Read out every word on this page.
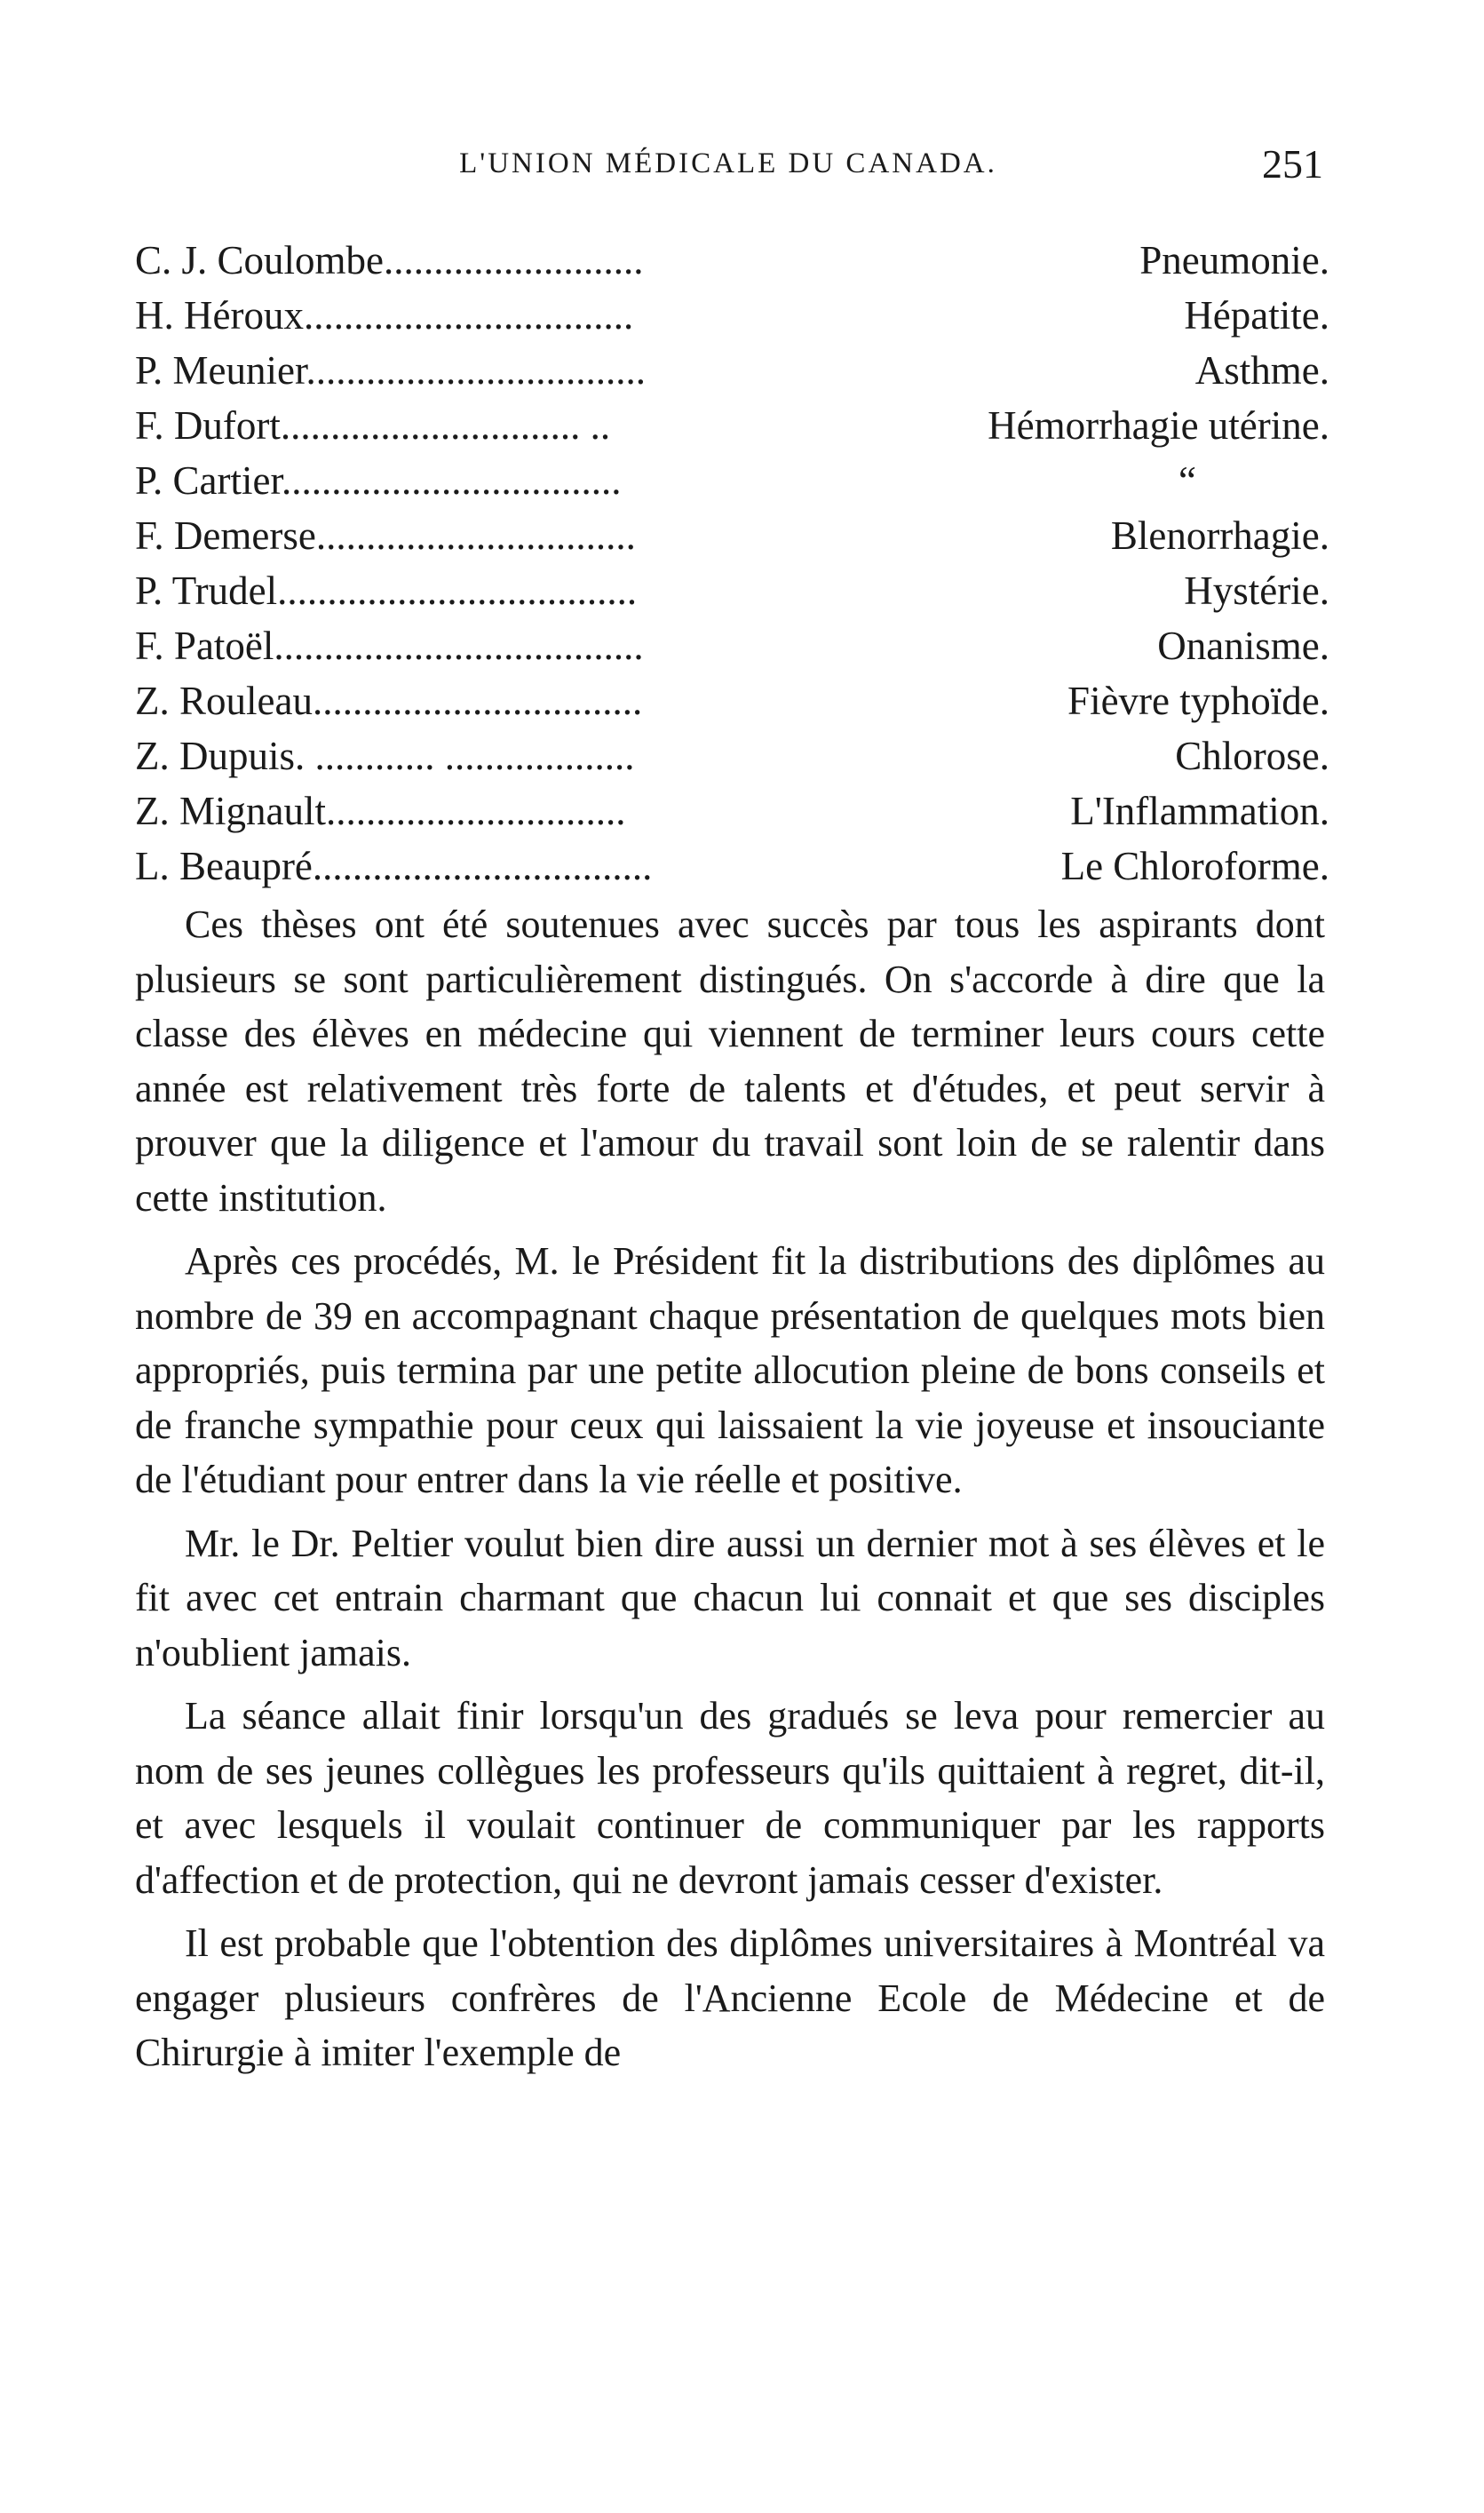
L'UNION MÉDICALE DU CANADA.	251
C. J. Coulombe..........................	Pneumonie.
H. Héroux.................................	Hépatite.
P. Meunier..................................	Asthme.
F. Dufort.............................. ..	Hémorrhagie utérine.
P. Cartier..................................	“
F. Demerse................................	Blenorrhagie.
P. Trudel....................................	Hystérie.
F. Patoël.....................................	Onanisme.
Z. Rouleau.................................	Fièvre typhoïde.
Z. Dupuis. ............ ...................	Chlorose.
Z. Mignault..............................	L'Inflammation.
L. Beaupré..................................	Le Chloroforme.

Ces thèses ont été soutenues avec succès par tous les aspirants dont plusieurs se sont particulièrement distingués. On s'accorde à dire que la classe des élèves en médecine qui viennent de terminer leurs cours cette année est relativement très forte de talents et d'études, et peut servir à prouver que la diligence et l'amour du travail sont loin de se ralentir dans cette institution.

Après ces procédés, M. le Président fit la distributions des diplômes au nombre de 39 en accompagnant chaque présentation de quelques mots bien appropriés, puis termina par une petite allocution pleine de bons conseils et de franche sympathie pour ceux qui laissaient la vie joyeuse et insouciante de l'étudiant pour entrer dans la vie réelle et positive.

Mr. le Dr. Peltier voulut bien dire aussi un dernier mot à ses élèves et le fit avec cet entrain charmant que chacun lui connait et que ses disciples n'oublient jamais.

La séance allait finir lorsqu'un des gradués se leva pour remercier au nom de ses jeunes collègues les professeurs qu'ils quittaient à regret, dit-il, et avec lesquels il voulait continuer de communiquer par les rapports d'affection et de protection, qui ne devront jamais cesser d'exister.

Il est probable que l'obtention des diplômes universitaires à Montréal va engager plusieurs confrères de l'Ancienne Ecole de Médecine et de Chirurgie à imiter l'exemple de
